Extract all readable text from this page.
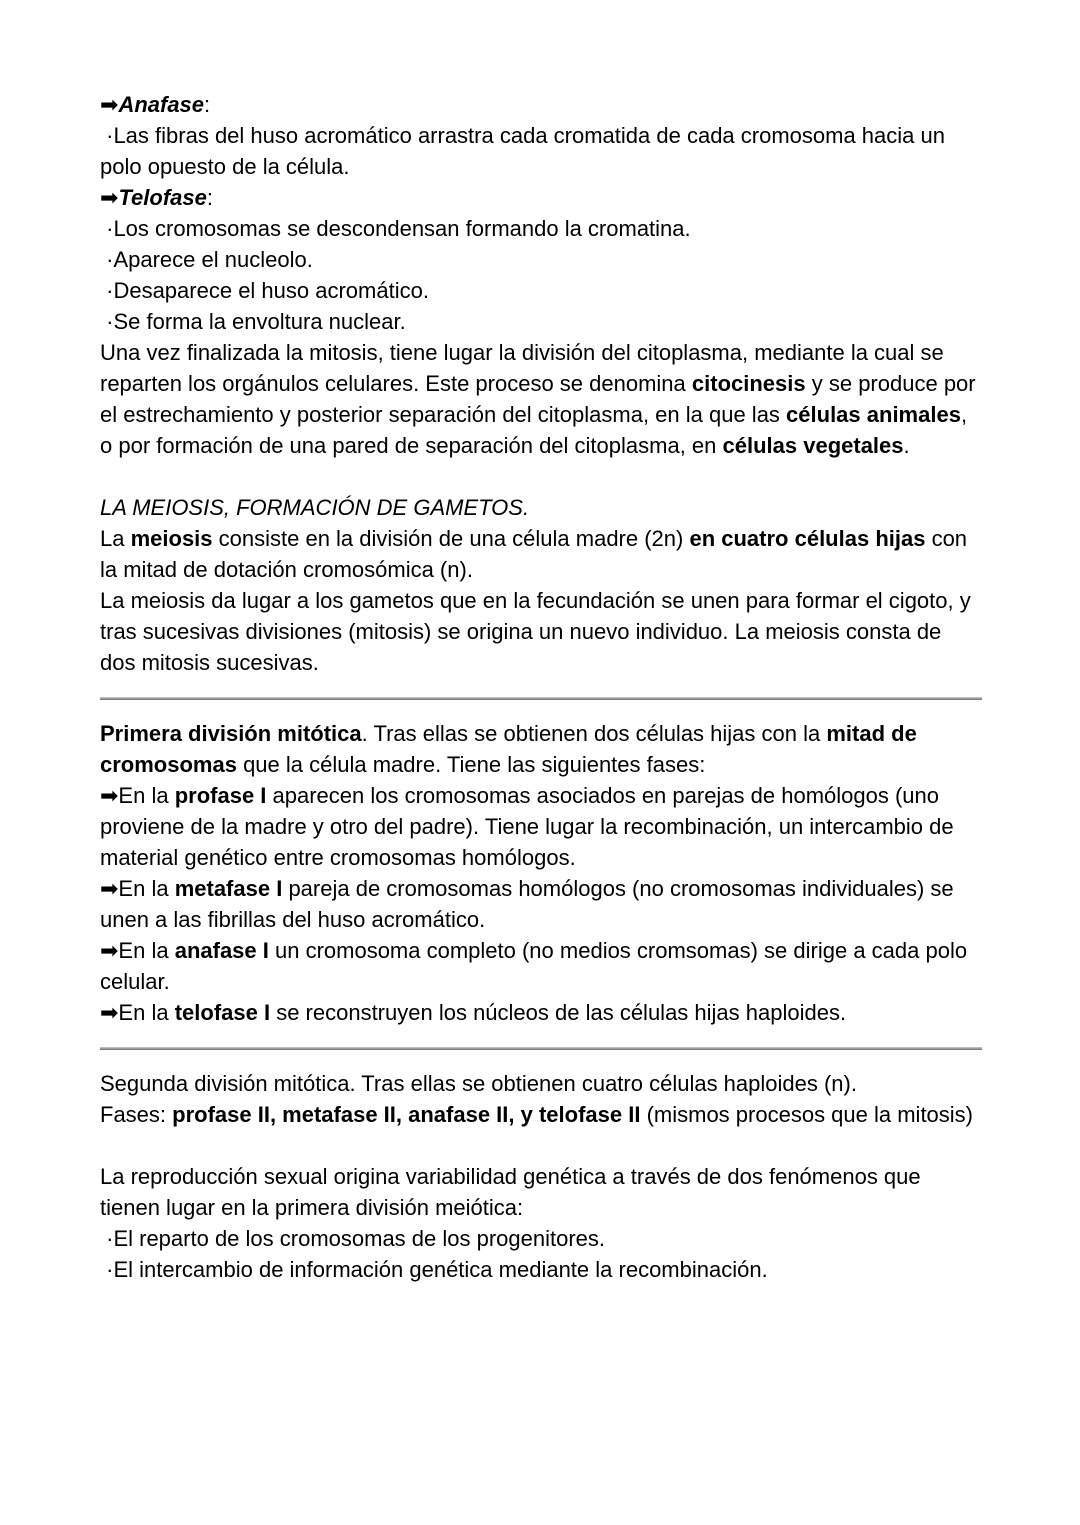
➡Anafase:

·Las fibras del huso acromático arrastra cada cromatida de cada cromosoma hacia un polo opuesto de la célula.

➡Telofase:

·Los cromosomas se descondensan formando la cromatina.

·Aparece el nucleolo.

·Desaparece el huso acromático.

·Se forma la envoltura nuclear.

Una vez finalizada la mitosis, tiene lugar la división del citoplasma, mediante la cual se reparten los orgánulos celulares. Este proceso se denomina citocinesis y se produce por el estrechamiento y posterior separación del citoplasma, en la que las células animales, o por formación de una pared de separación del citoplasma, en células vegetales.

LA MEIOSIS, FORMACIÓN DE GAMETOS.

La meiosis consiste en la división de una célula madre (2n) en cuatro células hijas con la mitad de dotación cromosómica (n).

La meiosis da lugar a los gametos que en la fecundación se unen para formar el cigoto, y tras sucesivas divisiones (mitosis) se origina un nuevo individuo. La meiosis consta de dos mitosis sucesivas.

Primera división mitótica. Tras ellas se obtienen dos células hijas con la mitad de cromosomas que la célula madre. Tiene las siguientes fases:

➡En la profase I aparecen los cromosomas asociados en parejas de homólogos (uno proviene de la madre y otro del padre). Tiene lugar la recombinación, un intercambio de material genético entre cromosomas homólogos.

➡En la metafase I pareja de cromosomas homólogos (no cromosomas individuales) se unen a las fibrillas del huso acromático.

➡En la anafase I un cromosoma completo (no medios cromsomas) se dirige a cada polo celular.

➡En la telofase I se reconstruyen los núcleos de las células hijas haploides.

Segunda división mitótica. Tras ellas se obtienen cuatro células haploides (n).

Fases: profase II, metafase II, anafase II, y telofase II (mismos procesos que la mitosis)

La reproducción sexual origina variabilidad genética a través de dos fenómenos que tienen lugar en la primera división meiótica:

·El reparto de los cromosomas de los progenitores.

·El intercambio de información genética mediante la recombinación.
